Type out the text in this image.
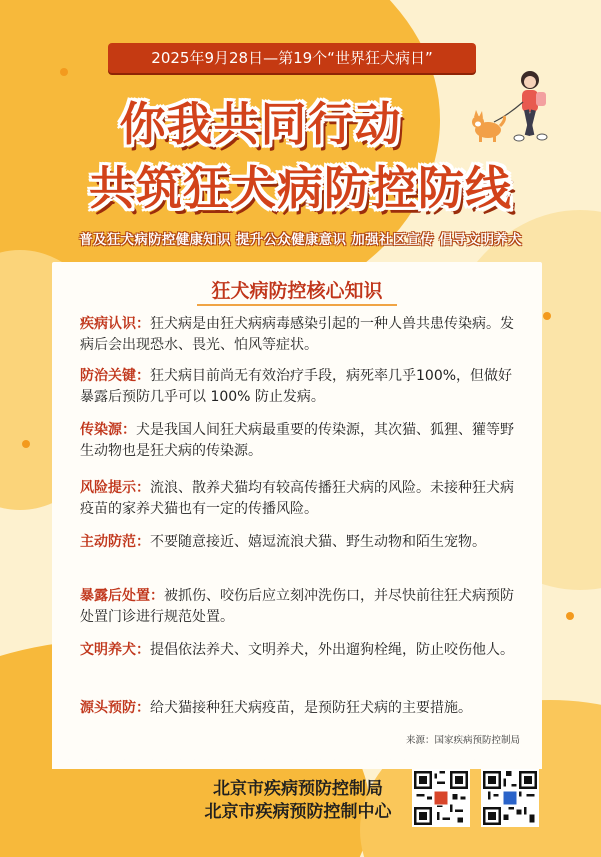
2025年9月28日—第19个“世界狂犬病日”
你我共同行动
共筑狂犬病防控防线
普及狂犬病防控健康知识 提升公众健康意识 加强社区宣传 倡导文明养犬
狂犬病防控核心知识
疾病认识：狂犬病是由狂犬病病毒感染引起的一种人兽共患传染病。发病后会出现恐水、畏光、怕风等症状。
防治关键：狂犬病目前尚无有效治疗手段，病死率几乎100%，但做好暴露后预防几乎可以 100% 防止发病。
传染源：犬是我国人间狂犬病最重要的传染源，其次猫、狐狸、獾等野生动物也是狂犬病的传染源。
风险提示：流浪、散养犬猫均有较高传播狂犬病的风险。未接种狂犬病疫苗的家养犬猫也有一定的传播风险。
主动防范：不要随意接近、嬉逗流浪犬猫、野生动物和陌生宠物。
暴露后处置：被抓伤、咬伤后应立刻冲洗伤口，并尽快前往狂犬病预防处置门诊进行规范处置。
文明养犬：提倡依法养犬、文明养犬，外出遛狗栓绳，防止咬伤他人。
源头预防：给犬猫接种狂犬病疫苗，是预防狂犬病的主要措施。
来源：国家疾病预防控制局
北京市疾病预防控制局
北京市疾病预防控制中心
